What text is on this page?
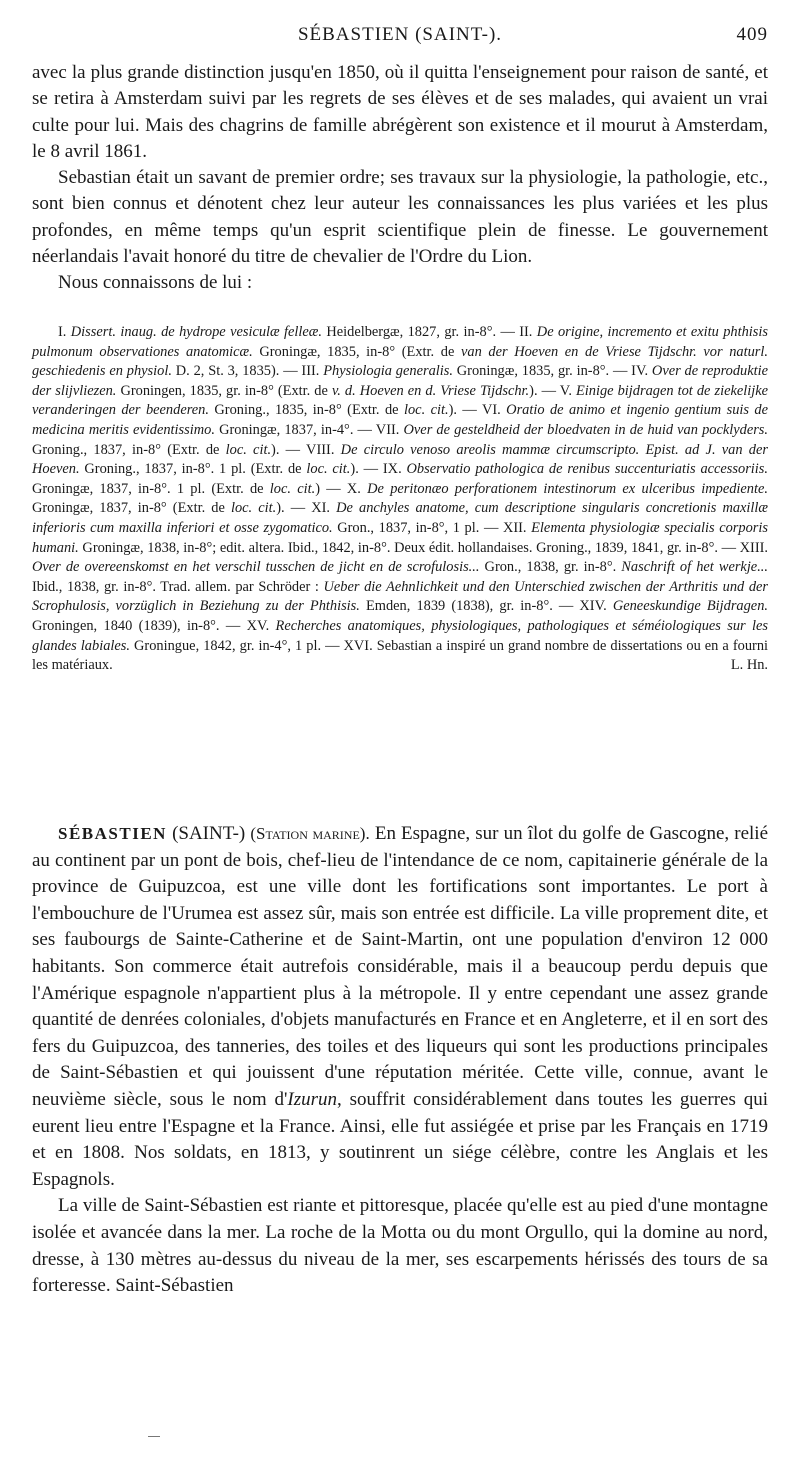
SÉBASTIEN (SAINT-).	409

avec la plus grande distinction jusqu'en 1850, où il quitta l'enseignement pour raison de santé, et se retira à Amsterdam suivi par les regrets de ses élèves et de ses malades, qui avaient un vrai culte pour lui. Mais des chagrins de famille abrégèrent son existence et il mourut à Amsterdam, le 8 avril 1861.

Sebastian était un savant de premier ordre; ses travaux sur la physiologie, la pathologie, etc., sont bien connus et dénotent chez leur auteur les connaissances les plus variées et les plus profondes, en même temps qu'un esprit scientifique plein de finesse. Le gouvernement néerlandais l'avait honoré du titre de chevalier de l'Ordre du Lion.

Nous connaissons de lui :

I. Dissert. inaug. de hydrope vesiculæ felleæ. Heidelbergæ, 1827, gr. in-8°. — II. De origine, incremento et exitu phthisis pulmonum observationes anatomicæ. Groningæ, 1835, in-8° (Extr. de van der Hoeven en de Vriese Tijdschr. vor naturl. geschiedenis en physiol. D. 2, St. 3, 1835). — III. Physiologia generalis. Groningæ, 1835, gr. in-8°. — IV. Over de reproduktie der slijvliezen. Groningen, 1835, gr. in-8° (Extr. de v. d. Hoeven en d. Vriese Tijdschr.). — V. Einige bijdragen tot de ziekelijke veranderingen der beenderen. Groning., 1835, in-8° (Extr. de loc. cit.). — VI. Oratio de animo et ingenio gentium suis de medicina meritis evidentissimo. Groningæ, 1837, in-4°. — VII. Over de gesteldheid der bloedvaten in de huid van pocklyders. Groning., 1837, in-8° (Extr. de loc. cit.). — VIII. De circulo venoso areolis mammæ circumscripto. Epist. ad J. van der Hoeven. Groning., 1837, in-8°. 1 pl. (Extr. de loc. cit.). — IX. Observatio pathologica de renibus succenturiatis accessoriis. Groningæ, 1837, in-8°. 1 pl. (Extr. de loc. cit.) — X. De peritonæo perforationem intestinorum ex ulceribus impediente. Groningæ, 1837, in-8° (Extr. de loc. cit.). — XI. De anchyles anatome, cum descriptione singularis concretionis maxillæ inferioris cum maxilla inferiori et osse zygomatico. Gron., 1837, in-8°, 1 pl. — XII. Elementa physiologiæ specialis corporis humani. Groningæ, 1838, in-8°; edit. altera. Ibid., 1842, in-8°. Deux édit. hollandaises. Groning., 1839, 1841, gr. in-8°. — XIII. Over de overeenskomst en het verschil tusschen de jicht en de scrofulosis... Gron., 1838, gr. in-8°. Naschrift of het werkje... Ibid., 1838, gr. in-8°. Trad. allem. par Schröder : Ueber die Aehnlichkeit und den Unterschied zwischen der Arthritis und der Scrophulosis, vorzüglich in Beziehung zu der Phthisis. Emden, 1839 (1838), gr. in-8°. — XIV. Geneeskundige Bijdragen. Groningen, 1840 (1839), in-8°. — XV. Recherches anatomiques, physiologiques, pathologiques et séméiologiques sur les glandes labiales. Groningue, 1842, gr. in-4°, 1 pl. — XVI. Sebastian a inspiré un grand nombre de dissertations ou en a fourni les matériaux.	L. Hn.

SÉBASTIEN (SAINT-) (Station marine). En Espagne, sur un îlot du golfe de Gascogne, relié au continent par un pont de bois, chef-lieu de l'intendance de ce nom, capitainerie générale de la province de Guipuzcoa, est une ville dont les fortifications sont importantes. Le port à l'embouchure de l'Urumea est assez sûr, mais son entrée est difficile. La ville proprement dite, et ses faubourgs de Sainte-Catherine et de Saint-Martin, ont une population d'environ 12 000 habitants. Son commerce était autrefois considérable, mais il a beaucoup perdu depuis que l'Amérique espagnole n'appartient plus à la métropole. Il y entre cependant une assez grande quantité de denrées coloniales, d'objets manufacturés en France et en Angleterre, et il en sort des fers du Guipuzcoa, des tanneries, des toiles et des liqueurs qui sont les productions principales de Saint-Sébastien et qui jouissent d'une réputation méritée. Cette ville, connue, avant le neuvième siècle, sous le nom d'Izurun, souffrit considérablement dans toutes les guerres qui eurent lieu entre l'Espagne et la France. Ainsi, elle fut assiégée et prise par les Français en 1719 et en 1808. Nos soldats, en 1813, y soutinrent un siége célèbre, contre les Anglais et les Espagnols.

La ville de Saint-Sébastien est riante et pittoresque, placée qu'elle est au pied d'une montagne isolée et avancée dans la mer. La roche de la Motta ou du mont Orgullo, qui la domine au nord, dresse, à 130 mètres au-dessus du niveau de la mer, ses escarpements hérissés des tours de sa forteresse. Saint-Sébastien
